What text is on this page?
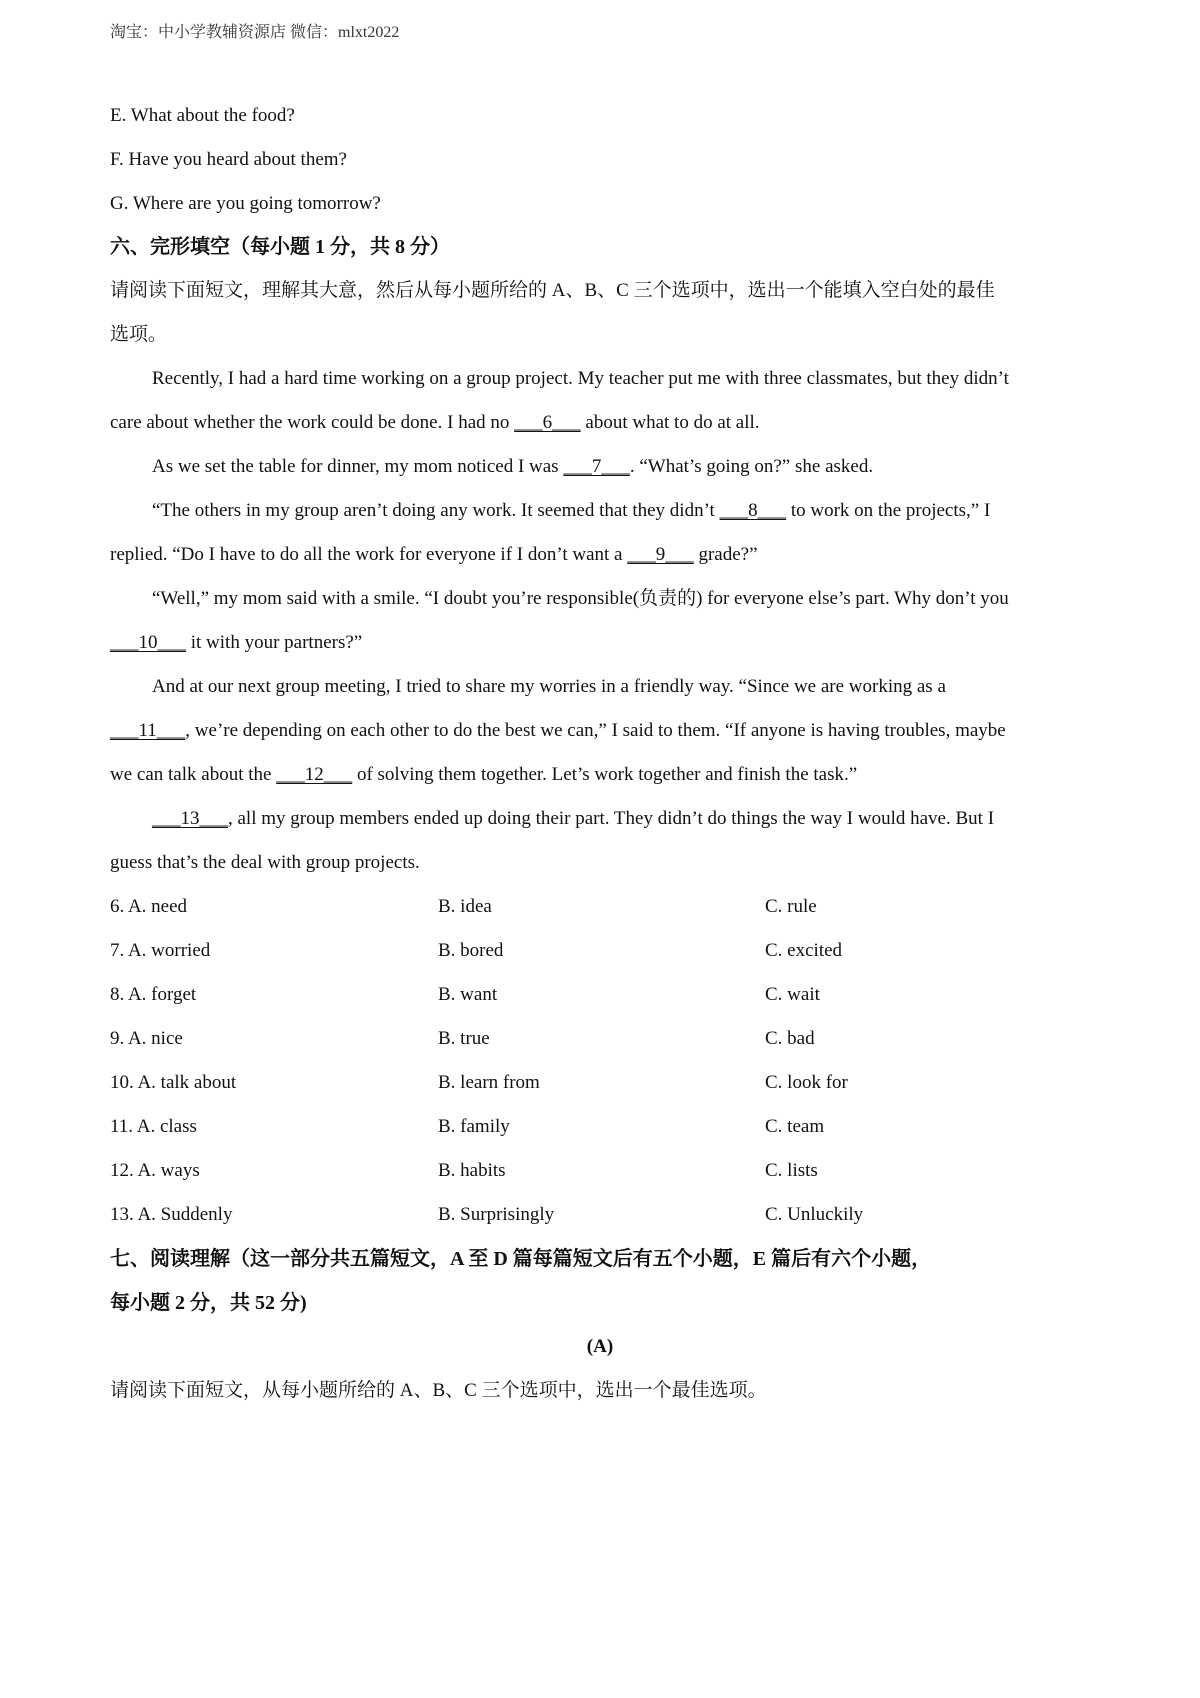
淘宝：中小学教辅资源店 微信：mlxt2022
E. What about the food?
F. Have you heard about them?
G. Where are you going tomorrow?
六、完形填空（每小题 1 分，共 8 分）
请阅读下面短文，理解其大意，然后从每小题所给的 A、B、C 三个选项中，选出一个能填入空白处的最佳
选项。
Recently, I had a hard time working on a group project. My teacher put me with three classmates, but they didn’t
care about whether the work could be done. I had no ___6___ about what to do at all.
As we set the table for dinner, my mom noticed I was ___7___. “What’s going on?” she asked.
“The others in my group aren’t doing any work. It seemed that they didn’t ___8___ to work on the projects,” I
replied. “Do I have to do all the work for everyone if I don’t want a ___9___ grade?”
“Well,” my mom said with a smile. “I doubt you’re responsible(负责的) for everyone else’s part. Why don’t you
___10___ it with your partners?”
And at our next group meeting, I tried to share my worries in a friendly way. “Since we are working as a
___11___, we’re depending on each other to do the best we can,” I said to them. “If anyone is having troubles, maybe
we can talk about the ___12___ of solving them together. Let’s work together and finish the task.”
___13___, all my group members ended up doing their part. They didn’t do things the way I would have. But I
guess that’s the deal with group projects.
6. A. need	B. idea	C. rule
7. A. worried	B. bored	C. excited
8. A. forget	B. want	C. wait
9. A. nice	B. true	C. bad
10. A. talk about	B. learn from	C. look for
11. A. class	B. family	C. team
12. A. ways	B. habits	C. lists
13. A. Suddenly	B. Surprisingly	C. Unluckily
七、阅读理解（这一部分共五篇短文，A 至 D 篇每篇短文后有五个小题，E 篇后有六个小题，
每小题 2 分，共 52 分)
(A)
请阅读下面短文，从每小题所给的 A、B、C 三个选项中，选出一个最佳选项。
